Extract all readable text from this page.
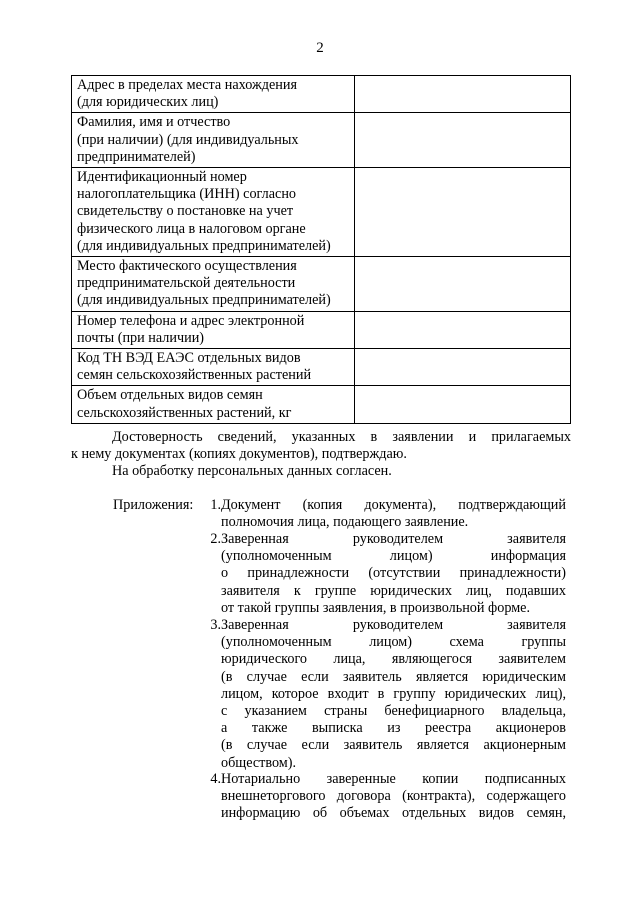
2
Адрес в пределах места нахождения
(для юридических лиц)	

Фамилия, имя и отчество
(при наличии) (для индивидуальных
предпринимателей)	

Идентификационный номер
налогоплательщика (ИНН) согласно
свидетельству о постановке на учет
физического лица в налоговом органе
(для индивидуальных предпринимателей)	

Место фактического осуществления
предпринимательской деятельности
(для индивидуальных предпринимателей)	

Номер телефона и адрес электронной
почты (при наличии)	

Код ТН ВЭД ЕАЭС отдельных видов
семян сельскохозяйственных растений	

Объем отдельных видов семян
сельскохозяйственных растений, кг	

Достоверность сведений, указанных в заявлении и прилагаемых
к нему документах (копиях документов), подтверждаю.
На обработку персональных данных согласен.
Приложения:	1. Документ (копия документа), подтверждающий
полномочия лица, подающего заявление.
2. Заверенная руководителем заявителя
(уполномоченным лицом) информация
о принадлежности (отсутствии принадлежности)
заявителя к группе юридических лиц, подавших
от такой группы заявления, в произвольной форме.
3. Заверенная руководителем заявителя
(уполномоченным лицом) схема группы
юридического лица, являющегося заявителем
(в случае если заявитель является юридическим
лицом, которое входит в группу юридических лиц),
с указанием страны бенефициарного владельца,
а также выписка из реестра акционеров
(в случае если заявитель является акционерным
обществом).
4. Нотариально заверенные копии подписанных
внешнеторгового договора (контракта), содержащего
информацию об объемах отдельных видов семян,
